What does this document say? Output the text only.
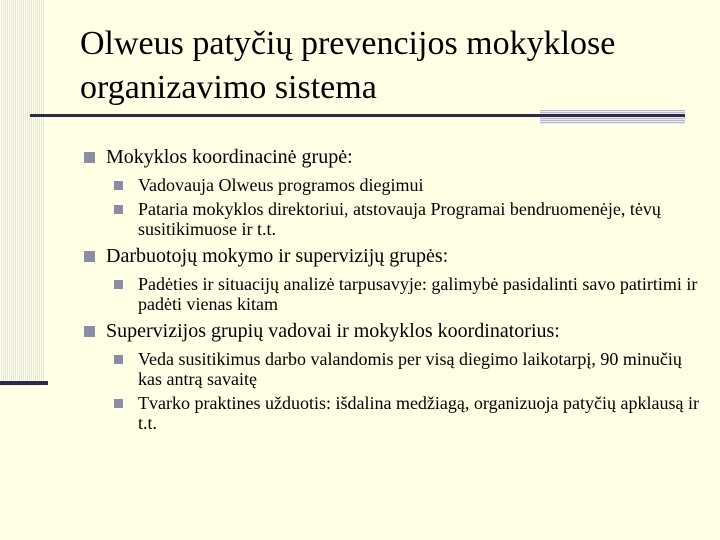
Olweus patyčių prevencijos mokyklose organizavimo sistema
Mokyklos koordinacinė grupė:
Vadovauja Olweus programos diegimui
Pataria mokyklos direktoriui, atstovauja Programai bendruomenėje, tėvų susitikimuose ir t.t.
Darbuotojų mokymo ir supervizijų grupės:
Padėties ir situacijų analizė tarpusavyje: galimybė pasidalinti savo patirtimi ir padėti vienas kitam
Supervizijos grupių vadovai ir mokyklos koordinatorius:
Veda susitikimus darbo valandomis per visą diegimo laikotarpį, 90 minučių kas antrą savaitę
Tvarko praktines užduotis: išdalina medžiagą, organizuoja patyčių apklausą ir t.t.
